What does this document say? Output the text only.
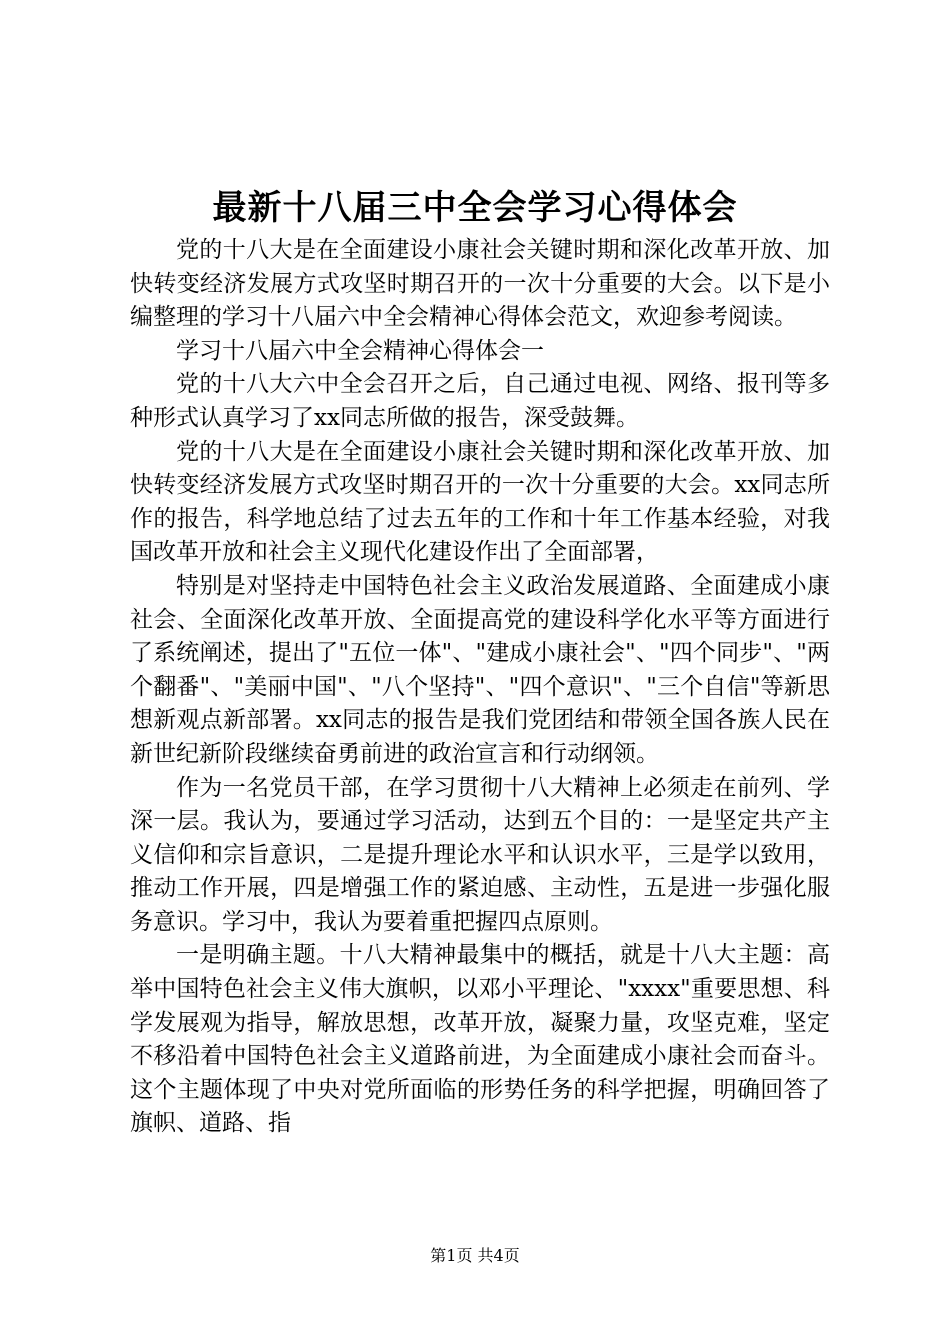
最新十八届三中全会学习心得体会

党的十八大是在全面建设小康社会关键时期和深化改革开放、加快转变经济发展方式攻坚时期召开的一次十分重要的大会。以下是小编整理的学习十八届六中全会精神心得体会范文，欢迎参考阅读。

学习十八届六中全会精神心得体会一

党的十八大六中全会召开之后，自己通过电视、网络、报刊等多种形式认真学习了xx同志所做的报告，深受鼓舞。

党的十八大是在全面建设小康社会关键时期和深化改革开放、加快转变经济发展方式攻坚时期召开的一次十分重要的大会。xx同志所作的报告，科学地总结了过去五年的工作和十年工作基本经验，对我国改革开放和社会主义现代化建设作出了全面部署，

特别是对坚持走中国特色社会主义政治发展道路、全面建成小康社会、全面深化改革开放、全面提高党的建设科学化水平等方面进行了系统阐述，提出了"五位一体"、"建成小康社会"、"四个同步"、"两个翻番"、"美丽中国"、"八个坚持"、"四个意识"、"三个自信"等新思想新观点新部署。xx同志的报告是我们党团结和带领全国各族人民在新世纪新阶段继续奋勇前进的政治宣言和行动纲领。

作为一名党员干部，在学习贯彻十八大精神上必须走在前列、学深一层。我认为，要通过学习活动，达到五个目的：一是坚定共产主义信仰和宗旨意识，二是提升理论水平和认识水平，三是学以致用，推动工作开展，四是增强工作的紧迫感、主动性，五是进一步强化服务意识。学习中，我认为要着重把握四点原则。

一是明确主题。十八大精神最集中的概括，就是十八大主题：高举中国特色社会主义伟大旗帜，以邓小平理论、"xxxx"重要思想、科学发展观为指导，解放思想，改革开放，凝聚力量，攻坚克难，坚定不移沿着中国特色社会主义道路前进，为全面建成小康社会而奋斗。这个主题体现了中央对党所面临的形势任务的科学把握，明确回答了旗帜、道路、指

第1页 共4页
